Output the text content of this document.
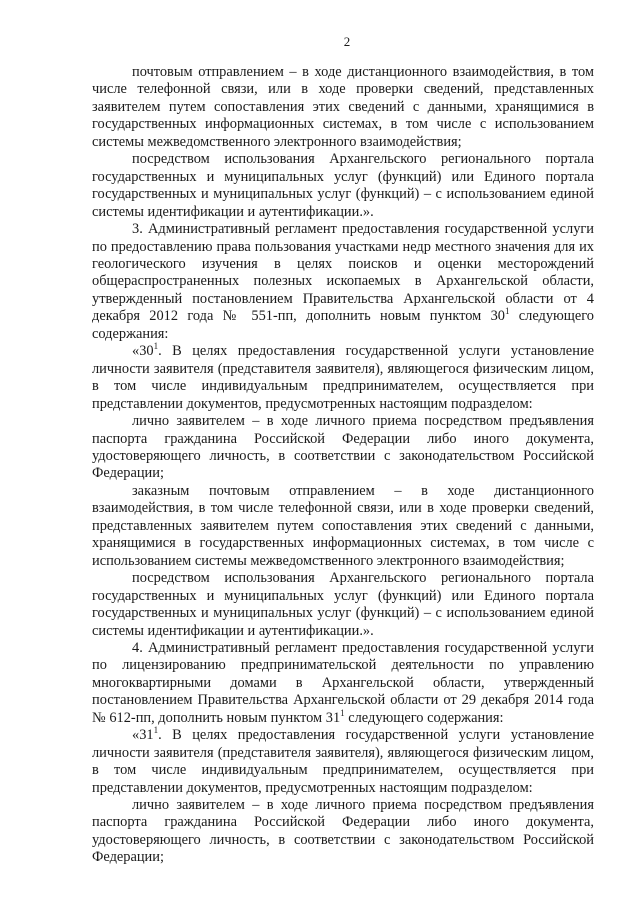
2

почтовым отправлением – в ходе дистанционного взаимодействия, в том числе телефонной связи, или в ходе проверки сведений, представленных заявителем путем сопоставления этих сведений с данными, хранящимися в государственных информационных системах, в том числе с использованием системы межведомственного электронного взаимодействия;

посредством использования Архангельского регионального портала государственных и муниципальных услуг (функций) или Единого портала государственных и муниципальных услуг (функций) – с использованием единой системы идентификации и аутентификации.».

3. Административный регламент предоставления государственной услуги по предоставлению права пользования участками недр местного значения для их геологического изучения в целях поисков и оценки месторождений общераспространенных полезных ископаемых в Архангельской области, утвержденный постановлением Правительства Архангельской области от 4 декабря 2012 года № 551-пп, дополнить новым пунктом $30^1$ следующего содержания:

«$30^1$. В целях предоставления государственной услуги установление личности заявителя (представителя заявителя), являющегося физическим лицом, в том числе индивидуальным предпринимателем, осуществляется при представлении документов, предусмотренных настоящим подразделом:

лично заявителем – в ходе личного приема посредством предъявления паспорта гражданина Российской Федерации либо иного документа, удостоверяющего личность, в соответствии с законодательством Российской Федерации;

заказным почтовым отправлением – в ходе дистанционного взаимодействия, в том числе телефонной связи, или в ходе проверки сведений, представленных заявителем путем сопоставления этих сведений с данными, хранящимися в государственных информационных системах, в том числе с использованием системы межведомственного электронного взаимодействия;

посредством использования Архангельского регионального портала государственных и муниципальных услуг (функций) или Единого портала государственных и муниципальных услуг (функций) – с использованием единой системы идентификации и аутентификации.».

4. Административный регламент предоставления государственной услуги по лицензированию предпринимательской деятельности по управлению многоквартирными домами в Архангельской области, утвержденный постановлением Правительства Архангельской области от 29 декабря 2014 года № 612-пп, дополнить новым пунктом $31^1$ следующего содержания:

«$31^1$. В целях предоставления государственной услуги установление личности заявителя (представителя заявителя), являющегося физическим лицом, в том числе индивидуальным предпринимателем, осуществляется при представлении документов, предусмотренных настоящим подразделом:

лично заявителем – в ходе личного приема посредством предъявления паспорта гражданина Российской Федерации либо иного документа, удостоверяющего личность, в соответствии с законодательством Российской Федерации;
